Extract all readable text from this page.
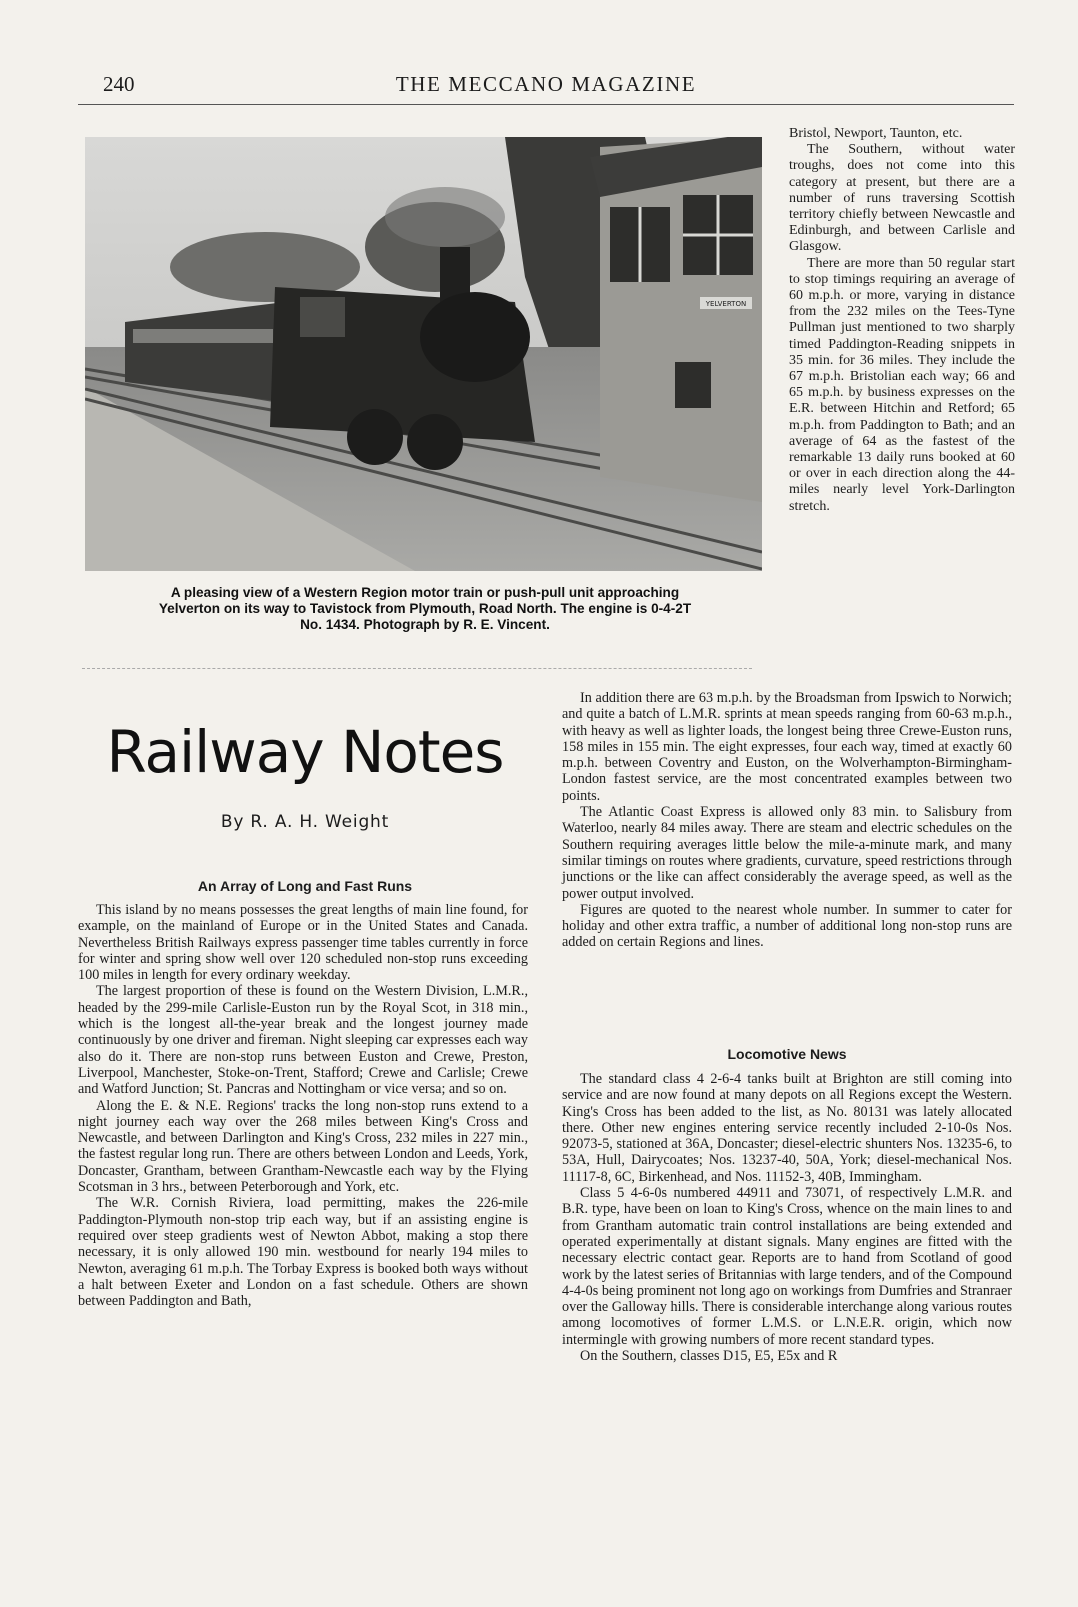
240	THE MECCANO MAGAZINE
YELVERTON
A pleasing view of a Western Region motor train or push-pull unit approaching
Yelverton on its way to Tavistock from Plymouth, Road North. The engine is 0-4-2T
No. 1434. Photograph by R. E. Vincent.

Bristol, Newport, Taunton, etc.

The Southern, without water troughs, does not come into this category at present, but there are a number of runs traversing Scottish territory chiefly between Newcastle and Edinburgh, and between Carlisle and Glasgow.

There are more than 50 regular start to stop timings requiring an average of 60 m.p.h. or more, varying in distance from the 232 miles on the Tees-Tyne Pullman just mentioned to two sharply timed Paddington-Reading snippets in 35 min. for 36 miles. They include the 67 m.p.h. Bristolian each way; 66 and 65 m.p.h. by business expresses on the E.R. between Hitchin and Retford; 65 m.p.h. from Paddington to Bath; and an average of 64 as the fastest of the remarkable 13 daily runs booked at 60 or over in each direction along the 44-miles nearly level York-Darlington stretch.

Railway Notes
By R. A. H. Weight
An Array of Long and Fast Runs

This island by no means possesses the great lengths of main line found, for example, on the mainland of Europe or in the United States and Canada. Nevertheless British Railways express passenger time tables currently in force for winter and spring show well over 120 scheduled non-stop runs exceeding 100 miles in length for every ordinary weekday.

The largest proportion of these is found on the Western Division, L.M.R., headed by the 299-mile Carlisle-Euston run by the Royal Scot, in 318 min., which is the longest all-the-year break and the longest journey made continuously by one driver and fireman. Night sleeping car expresses each way also do it. There are non-stop runs between Euston and Crewe, Preston, Liverpool, Manchester, Stoke-on-Trent, Stafford; Crewe and Carlisle; Crewe and Watford Junction; St. Pancras and Nottingham or vice versa; and so on.

Along the E. & N.E. Regions' tracks the long non-stop runs extend to a night journey each way over the 268 miles between King's Cross and Newcastle, and between Darlington and King's Cross, 232 miles in 227 min., the fastest regular long run. There are others between London and Leeds, York, Doncaster, Grantham, between Grantham-Newcastle each way by the Flying Scotsman in 3 hrs., between Peterborough and York, etc.

The W.R. Cornish Riviera, load permitting, makes the 226-mile Paddington-Plymouth non-stop trip each way, but if an assisting engine is required over steep gradients west of Newton Abbot, making a stop there necessary, it is only allowed 190 min. westbound for nearly 194 miles to Newton, averaging 61 m.p.h. The Torbay Express is booked both ways without a halt between Exeter and London on a fast schedule. Others are shown between Paddington and Bath,

In addition there are 63 m.p.h. by the Broadsman from Ipswich to Norwich; and quite a batch of L.M.R. sprints at mean speeds ranging from 60-63 m.p.h., with heavy as well as lighter loads, the longest being three Crewe-Euston runs, 158 miles in 155 min. The eight expresses, four each way, timed at exactly 60 m.p.h. between Coventry and Euston, on the Wolverhampton-Birmingham-London fastest service, are the most concentrated examples between two points.

The Atlantic Coast Express is allowed only 83 min. to Salisbury from Waterloo, nearly 84 miles away. There are steam and electric schedules on the Southern requiring averages little below the mile-a-minute mark, and many similar timings on routes where gradients, curvature, speed restrictions through junctions or the like can affect considerably the average speed, as well as the power output involved.

Figures are quoted to the nearest whole number. In summer to cater for holiday and other extra traffic, a number of additional long non-stop runs are added on certain Regions and lines.

Locomotive News

The standard class 4 2-6-4 tanks built at Brighton are still coming into service and are now found at many depots on all Regions except the Western. King's Cross has been added to the list, as No. 80131 was lately allocated there. Other new engines entering service recently included 2-10-0s Nos. 92073-5, stationed at 36A, Doncaster; diesel-electric shunters Nos. 13235-6, to 53A, Hull, Dairycoates; Nos. 13237-40, 50A, York; diesel-mechanical Nos. 11117-8, 6C, Birkenhead, and Nos. 11152-3, 40B, Immingham.

Class 5 4-6-0s numbered 44911 and 73071, of respectively L.M.R. and B.R. type, have been on loan to King's Cross, whence on the main lines to and from Grantham automatic train control installations are being extended and operated experimentally at distant signals. Many engines are fitted with the necessary electric contact gear. Reports are to hand from Scotland of good work by the latest series of Britannias with large tenders, and of the Compound 4-4-0s being prominent not long ago on workings from Dumfries and Stranraer over the Galloway hills. There is considerable interchange along various routes among locomotives of former L.M.S. or L.N.E.R. origin, which now intermingle with growing numbers of more recent standard types.

On the Southern, classes D15, E5, E5x and R
